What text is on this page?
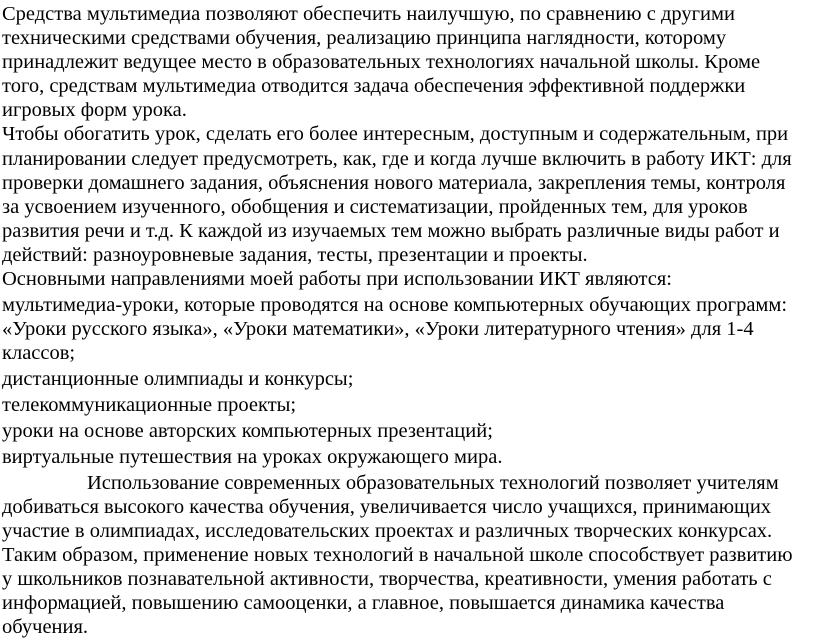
Средства мультимедиа позволяют обеспечить наилучшую, по сравнению с другими
техническими средствами обучения, реализацию принципа наглядности, которому
принадлежит ведущее место в образовательных технологиях начальной школы. Кроме
того, средствам мультимедиа отводится задача обеспечения эффективной поддержки
игровых форм урока.

Чтобы обогатить урок, сделать его более интересным, доступным и содержательным, при
планировании следует предусмотреть, как, где и когда лучше включить в работу ИКТ: для
проверки домашнего задания, объяснения нового материала, закрепления темы, контроля
за усвоением изученного, обобщения и систематизации, пройденных тем, для уроков
развития речи и т.д. К каждой из изучаемых тем можно выбрать различные виды работ и
действий: разноуровневые задания, тесты, презентации и проекты.

Основными направлениями моей работы при использовании ИКТ являются:

мультимедиа-уроки, которые проводятся на основе компьютерных обучающих программ:
«Уроки русского языка», «Уроки математики», «Уроки литературного чтения» для 1-4
классов;

дистанционные олимпиады и конкурсы;

телекоммуникационные проекты;

уроки на основе авторских компьютерных презентаций;

виртуальные путешествия на уроках окружающего мира.

Использование современных образовательных технологий позволяет учителям
добиваться высокого качества обучения, увеличивается число учащихся, принимающих
участие в олимпиадах, исследовательских проектах и различных творческих конкурсах.
Таким образом, применение новых технологий в начальной школе способствует развитию
у школьников познавательной активности, творчества, креативности, умения работать с
информацией, повышению самооценки, а главное, повышается динамика качества
обучения.
